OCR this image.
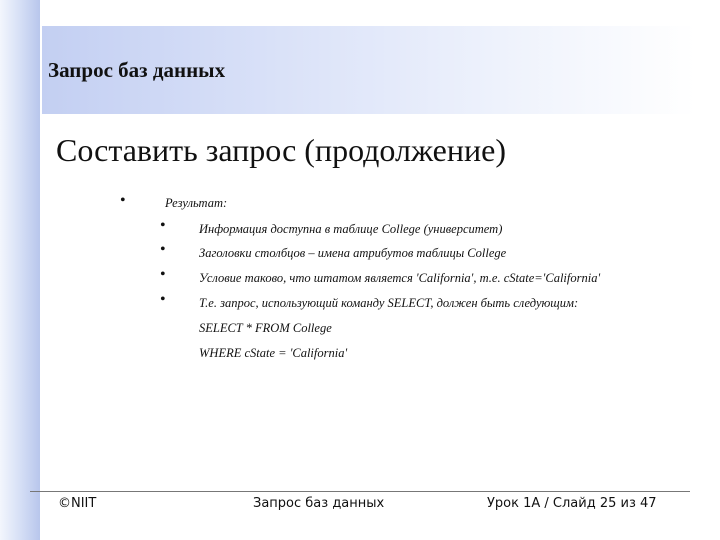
Запрос баз данных
Составить запрос (продолжение)
•	Результат:
•	Информация доступна в таблице College (университет)
•	Заголовки столбцов – имена атрибутов таблицы College
•	Условие таково, что штатом является 'California', т.е. cState='California'
•	Т.е. запрос, использующий команду SELECT, должен быть следующим:
SELECT * FROM College
WHERE cState = 'California'
©NIIT	Запрос баз данных	Урок 1A / Слайд 25 из 47
